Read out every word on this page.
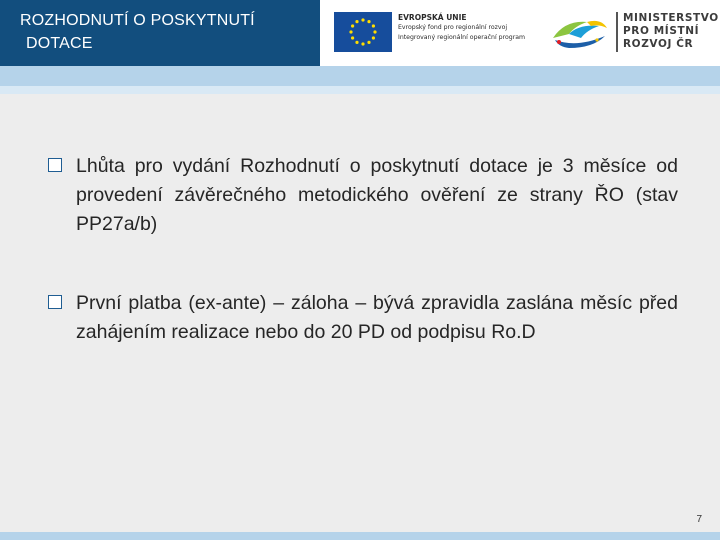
ROZHODNUTÍ O POSKYTNUTÍ
DOTACE
EVROPSKÁ UNIE
Evropský fond pro regionální rozvoj
Integrovaný regionální operační program
MINISTERSTVO
PRO MÍSTNÍ
ROZVOJ ČR
Lhůta pro vydání Rozhodnutí o poskytnutí dotace je 3 měsíce od provedení závěrečného metodického ověření ze strany ŘO (stav PP27a/b)
První platba (ex-ante) – záloha – bývá zpravidla zaslána měsíc před zahájením realizace nebo do 20 PD od podpisu Ro.D
7
